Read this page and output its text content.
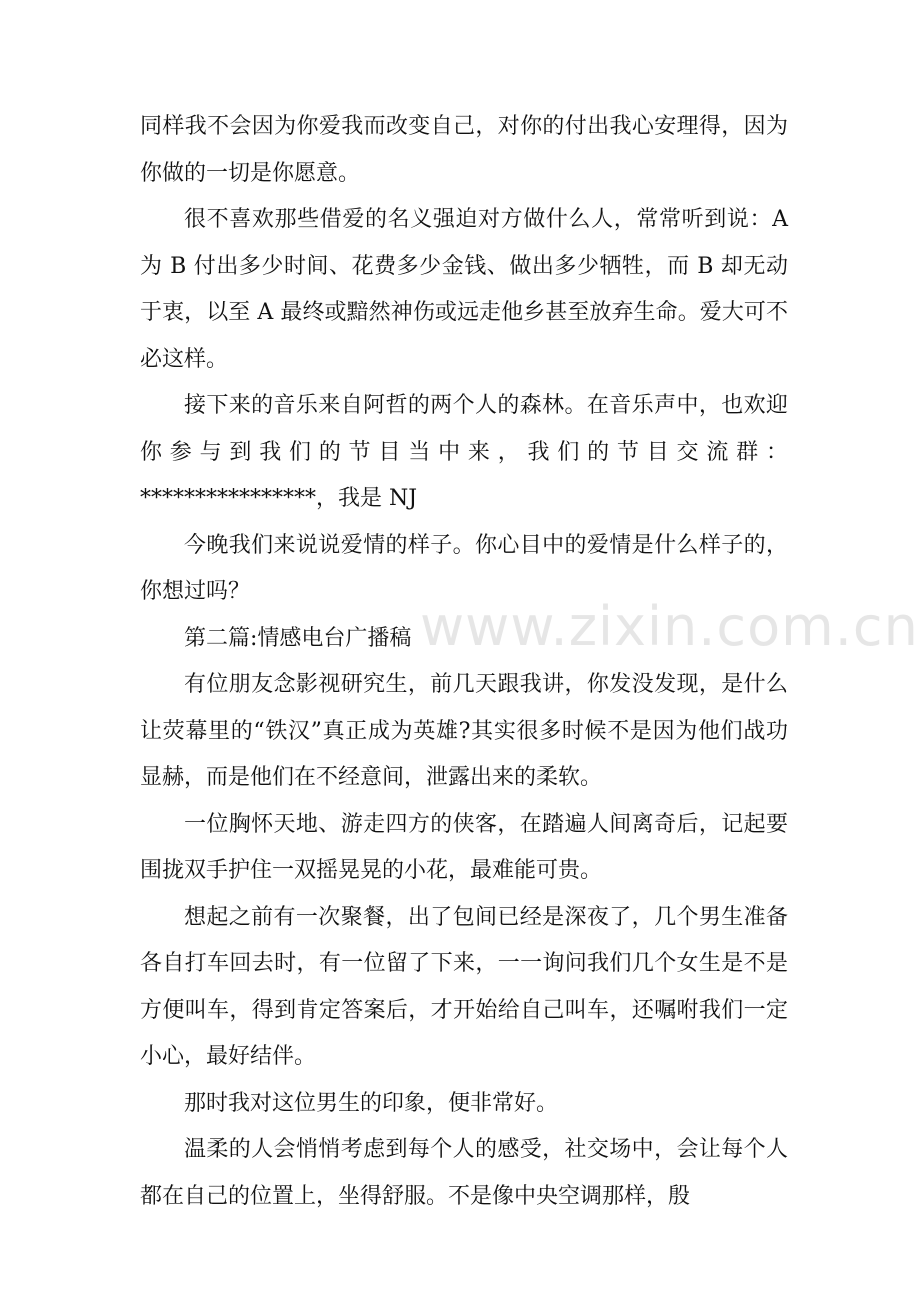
同样我不会因为你爱我而改变自己，对你的付出我心安理得，因为你做的一切是你愿意。

很不喜欢那些借爱的名义强迫对方做什么人，常常听到说：A 为 B 付出多少时间、花费多少金钱、做出多少牺牲，而 B 却无动于衷，以至 A 最终或黯然神伤或远走他乡甚至放弃生命。爱大可不必这样。

接下来的音乐来自阿哲的两个人的森林。在音乐声中，也欢迎你参与到我们的节目当中来，我们的节目交流群：****************，我是 NJ

今晚我们来说说爱情的样子。你心目中的爱情是什么样子的，你想过吗？

第二篇:情感电台广播稿

有位朋友念影视研究生，前几天跟我讲，你发没发现，是什么让荧幕里的“铁汉”真正成为英雄?其实很多时候不是因为他们战功显赫，而是他们在不经意间，泄露出来的柔软。

一位胸怀天地、游走四方的侠客，在踏遍人间离奇后，记起要围拢双手护住一双摇晃晃的小花，最难能可贵。

想起之前有一次聚餐，出了包间已经是深夜了，几个男生准备各自打车回去时，有一位留了下来，一一询问我们几个女生是不是方便叫车，得到肯定答案后，才开始给自己叫车，还嘱咐我们一定小心，最好结伴。

那时我对这位男生的印象，便非常好。

温柔的人会悄悄考虑到每个人的感受，社交场中，会让每个人都在自己的位置上，坐得舒服。不是像中央空调那样，殷

www.zixin.com.cn
